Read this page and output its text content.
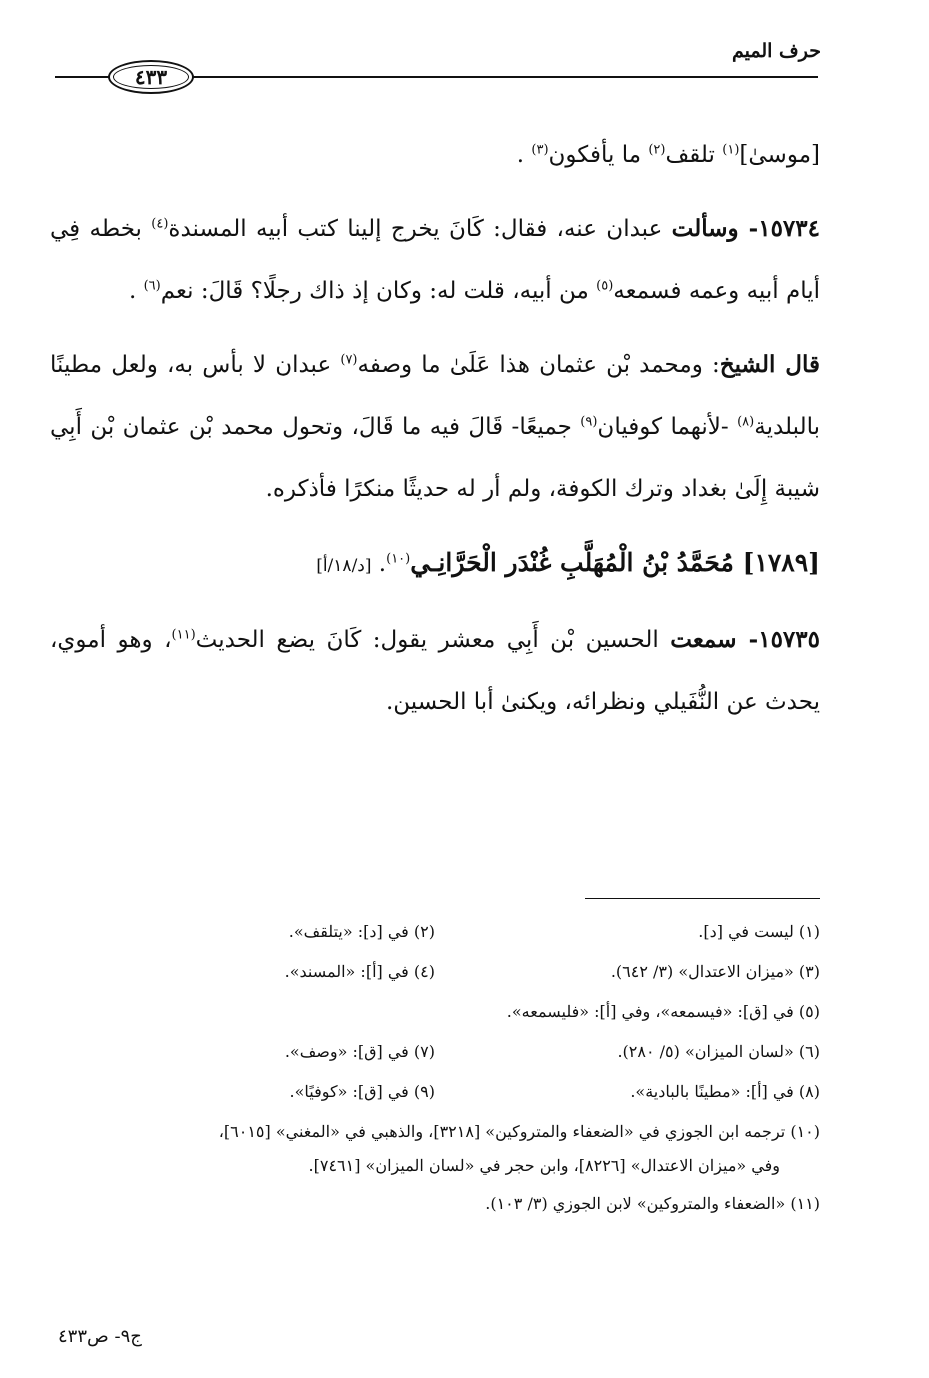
حرف الميم
٤٣٣

[موسىٰ]$^{(١)}$ تلقف$^{(٢)}$ ما يأفكون$^{(٣)}$ .

١٥٧٣٤- وسألت عبدان عنه، فقال: كَانَ يخرج إلينا كتب أبيه المسندة$^{(٤)}$ بخطه فِي أيام أبيه وعمه فسمعه$^{(٥)}$ من أبيه، قلت له: وكان إذ ذاك رجلًا؟ قَالَ: نعم$^{(٦)}$ .

قال الشيخ: ومحمد بْن عثمان هذا عَلَىٰ ما وصفه$^{(٧)}$ عبدان لا بأس به، ولعل مطينًا بالبلدية$^{(٨)}$ -لأنهما كوفيان$^{(٩)}$ جميعًا- قَالَ فيه ما قَالَ، وتحول محمد بْن عثمان بْن أَبِي شيبة إِلَىٰ بغداد وترك الكوفة، ولم أر له حديثًا منكرًا فأذكره.

[١٧٨٩] مُحَمَّدُ بْنُ الْمُهَلَّبِ غُنْدَر الْحَرَّانِـي$^{(١٠)}$. [د/١٨/أ]

١٥٧٣٥- سمعت الحسين بْن أَبِي معشر يقول: كَانَ يضع الحديث$^{(١١)}$، وهو أموي، يحدث عن النُّفَيلي ونظرائه، ويكنىٰ أبا الحسين.

(١) ليست في [د].
(٢) في [د]: «يتلقف».
(٣) «ميزان الاعتدال» (٣/ ٦٤٢).
(٤) في [أ]: «المسند».
(٥) في [ق]: «فيسمعه»، وفي [أ]: «فليسمعه».
(٦) «لسان الميزان» (٥/ ٢٨٠).
(٧) في [ق]: «وصف».
(٨) في [أ]: «مطينًا بالبادية».
(٩) في [ق]: «كوفيًا».
(١٠) ترجمه ابن الجوزي في «الضعفاء والمتروكين» [٣٢١٨]، والذهبي في «المغني» [٦٠١٥]،
وفي «ميزان الاعتدال» [٨٢٢٦]، وابن حجر في «لسان الميزان» [٧٤٦١].
(١١) «الضعفاء والمتروكين» لابن الجوزي (٣/ ١٠٣).
ج٩- ص٤٣٣
